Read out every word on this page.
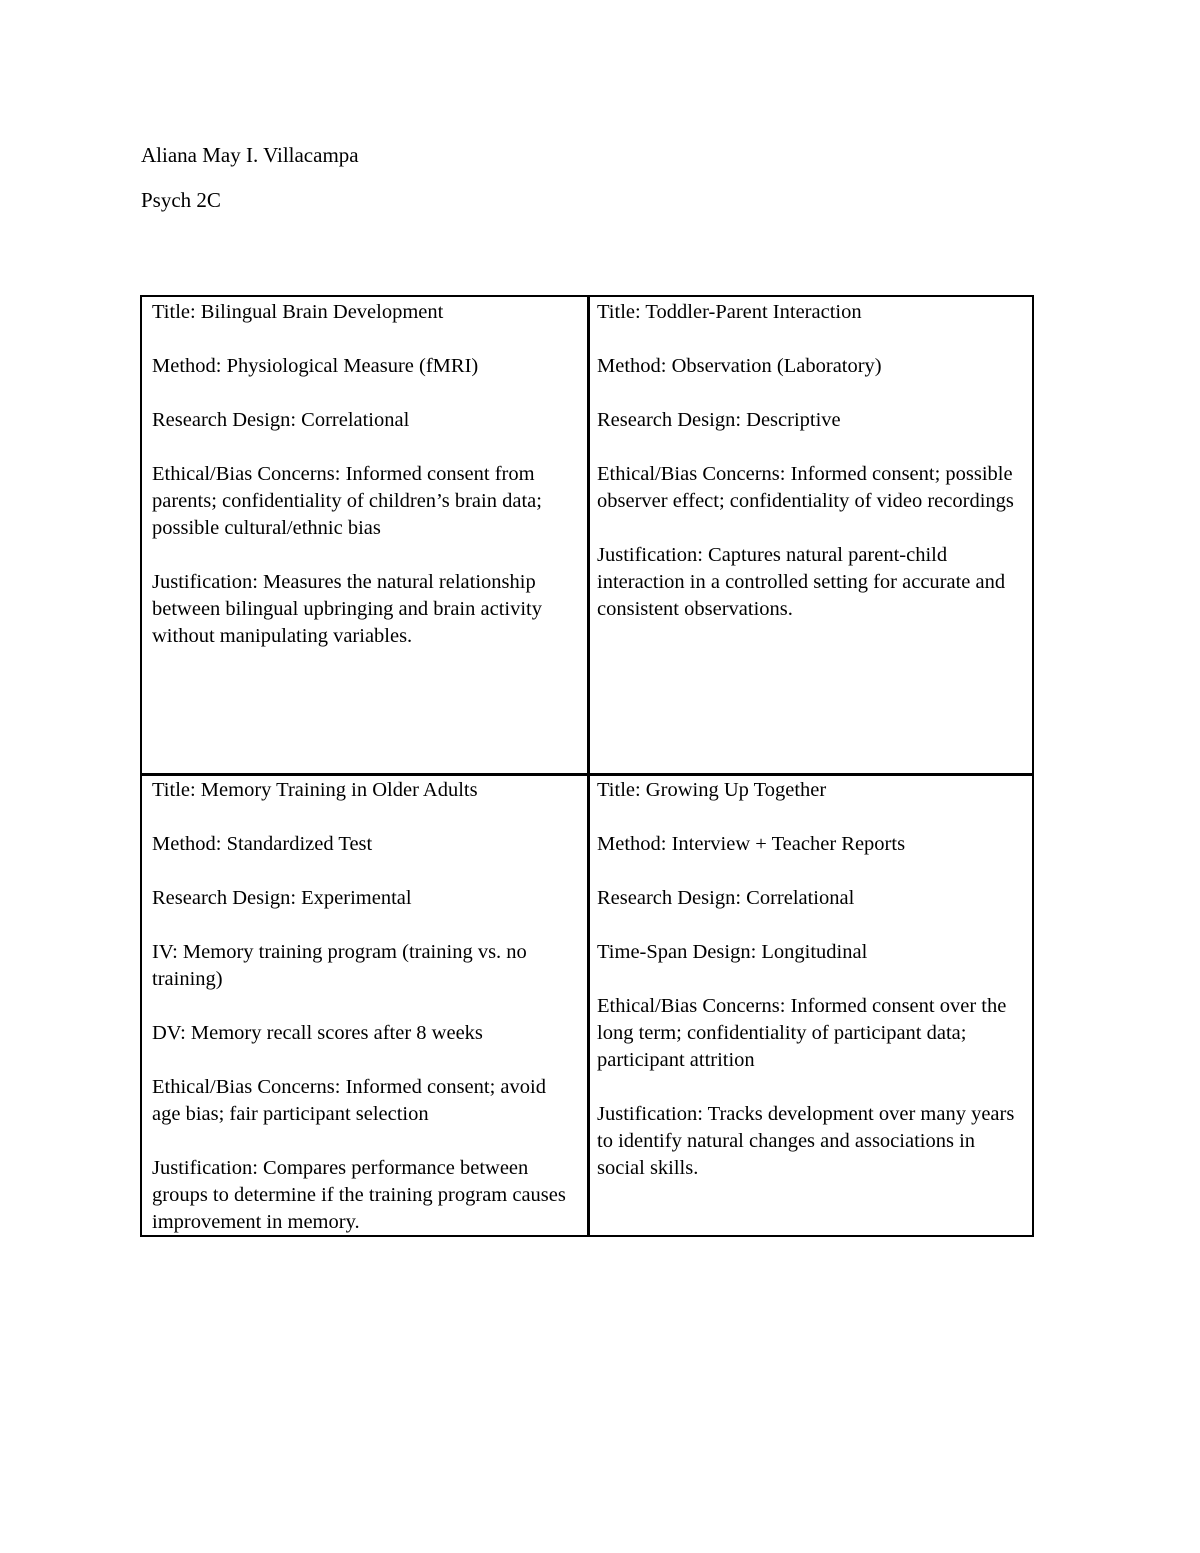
Aliana May I. Villacampa
Psych 2C

Title: Bilingual Brain Development

Method: Physiological Measure (fMRI)

Research Design: Correlational

Ethical/Bias Concerns: Informed consent from parents; confidentiality of children’s brain data; possible cultural/ethnic bias

Justification: Measures the natural relationship between bilingual upbringing and brain activity without manipulating variables.

Title: Toddler-Parent Interaction

Method: Observation (Laboratory)

Research Design: Descriptive

Ethical/Bias Concerns: Informed consent; possible observer effect; confidentiality of video recordings

Justification: Captures natural parent-child interaction in a controlled setting for accurate and consistent observations.

Title: Memory Training in Older Adults

Method: Standardized Test

Research Design: Experimental

IV: Memory training program (training vs. no training)

DV: Memory recall scores after 8 weeks

Ethical/Bias Concerns: Informed consent; avoid age bias; fair participant selection

Justification: Compares performance between groups to determine if the training program causes improvement in memory.

Title: Growing Up Together

Method: Interview + Teacher Reports

Research Design: Correlational

Time-Span Design: Longitudinal

Ethical/Bias Concerns: Informed consent over the long term; confidentiality of participant data; participant attrition

Justification: Tracks development over many years to identify natural changes and associations in social skills.
